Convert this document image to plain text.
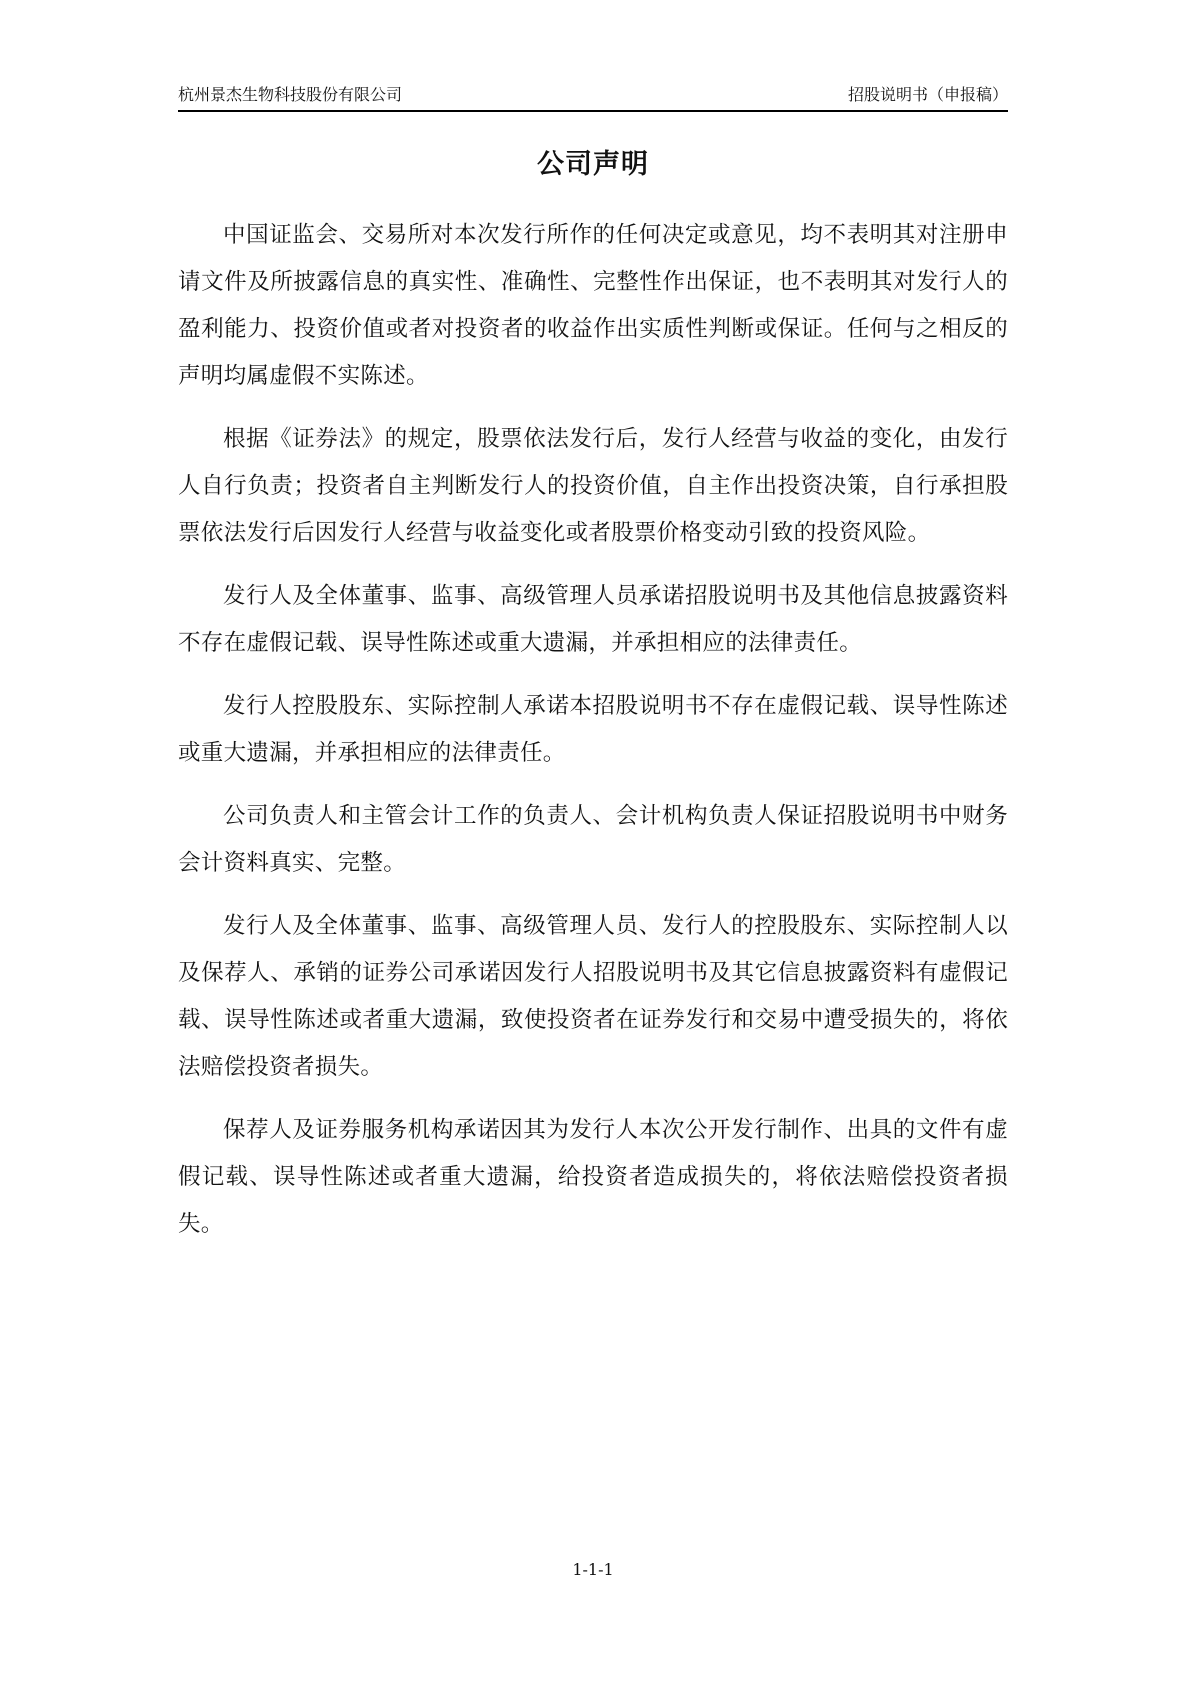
杭州景杰生物科技股份有限公司	招股说明书（申报稿）
公司声明

中国证监会、交易所对本次发行所作的任何决定或意见，均不表明其对注册申请文件及所披露信息的真实性、准确性、完整性作出保证，也不表明其对发行人的盈利能力、投资价值或者对投资者的收益作出实质性判断或保证。任何与之相反的声明均属虚假不实陈述。

根据《证券法》的规定，股票依法发行后，发行人经营与收益的变化，由发行人自行负责；投资者自主判断发行人的投资价值，自主作出投资决策，自行承担股票依法发行后因发行人经营与收益变化或者股票价格变动引致的投资风险。

发行人及全体董事、监事、高级管理人员承诺招股说明书及其他信息披露资料不存在虚假记载、误导性陈述或重大遗漏，并承担相应的法律责任。

发行人控股股东、实际控制人承诺本招股说明书不存在虚假记载、误导性陈述或重大遗漏，并承担相应的法律责任。

公司负责人和主管会计工作的负责人、会计机构负责人保证招股说明书中财务会计资料真实、完整。

发行人及全体董事、监事、高级管理人员、发行人的控股股东、实际控制人以及保荐人、承销的证券公司承诺因发行人招股说明书及其它信息披露资料有虚假记载、误导性陈述或者重大遗漏，致使投资者在证券发行和交易中遭受损失的，将依法赔偿投资者损失。

保荐人及证券服务机构承诺因其为发行人本次公开发行制作、出具的文件有虚假记载、误导性陈述或者重大遗漏，给投资者造成损失的，将依法赔偿投资者损失。

1-1-1
